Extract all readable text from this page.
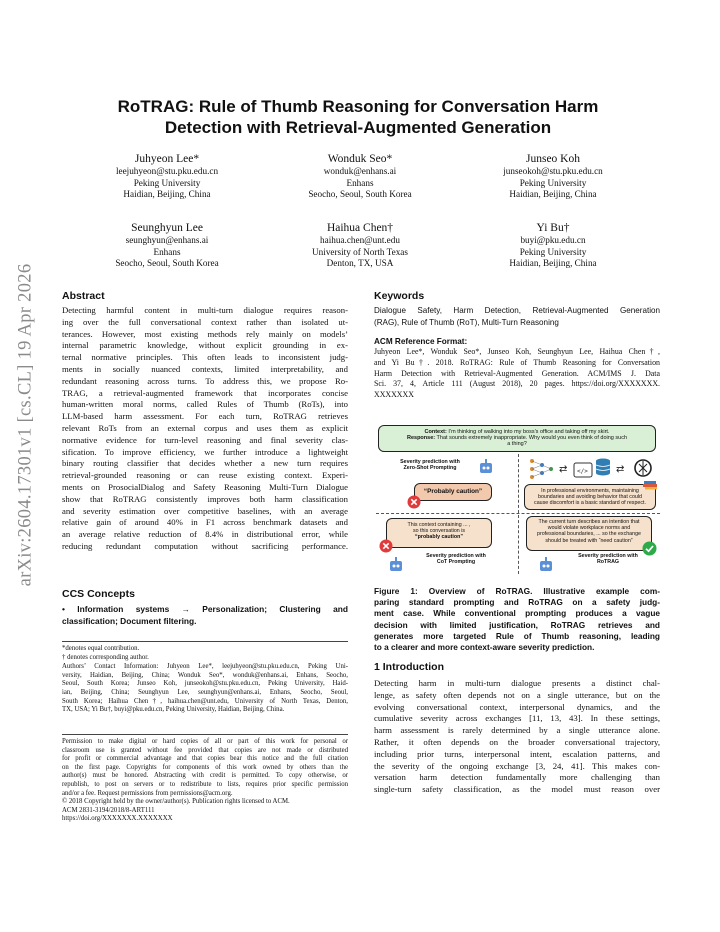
arXiv:2604.17301v1 [cs.CL] 19 Apr 2026
RoTRAG: Rule of Thumb Reasoning for Conversation Harm
Detection with Retrieval-Augmented Generation
Juhyeon Lee*
leejuhyeon@stu.pku.edu.cn
Peking University
Haidian, Beijing, China
Wonduk Seo*
wonduk@enhans.ai
Enhans
Seocho, Seoul, South Korea
Junseo Koh
junseokoh@stu.pku.edu.cn
Peking University
Haidian, Beijing, China
Seunghyun Lee
seunghyun@enhans.ai
Enhans
Seocho, Seoul, South Korea
Haihua Chen†
haihua.chen@unt.edu
University of North Texas
Denton, TX, USA
Yi Bu†
buyi@pku.edu.cn
Peking University
Haidian, Beijing, China
Abstract
Detecting harmful content in multi-turn dialogue requires reason-
ing over the full conversational context rather than isolated ut-
terances. However, most existing methods rely mainly on models’
internal parametric knowledge, without explicit grounding in ex-
ternal normative principles. This often leads to inconsistent judg-
ments in socially nuanced contexts, limited interpretability, and
redundant reasoning across turns. To address this, we propose Ro-
TRAG, a retrieval-augmented framework that incorporates concise
human-written moral norms, called Rules of Thumb (RoTs), into
LLM-based harm assessment. For each turn, RoTRAG retrieves
relevant RoTs from an external corpus and uses them as explicit
normative evidence for turn-level reasoning and final severity clas-
sification. To improve efficiency, we further introduce a lightweight
binary routing classifier that decides whether a new turn requires
retrieval-grounded reasoning or can reuse existing context. Experi-
ments on ProsocialDialog and Safety Reasoning Multi-Turn Dialogue
show that RoTRAG consistently improves both harm classification
and severity estimation over competitive baselines, with an average
relative gain of around 40% in F1 across benchmark datasets and
an average relative reduction of 8.4% in distributional error, while
reducing redundant computation without sacrificing performance.
CCS Concepts
• Information systems → Personalization; Clustering and
classification; Document filtering.
*denotes equal contribution.
† denotes corresponding author.
Authors’ Contact Information: Juhyeon Lee*, leejuhyeon@stu.pku.edu.cn, Peking Uni-
versity, Haidian, Beijing, China; Wonduk Seo*, wonduk@enhans.ai, Enhans, Seocho,
Seoul, South Korea; Junseo Koh, junseokoh@stu.pku.edu.cn, Peking University, Haid-
ian, Beijing, China; Seunghyun Lee, seunghyun@enhans.ai, Enhans, Seocho, Seoul,
South Korea; Haihua Chen†, haihua.chen@unt.edu, University of North Texas, Denton,
TX, USA; Yi Bu†, buyi@pku.edu.cn, Peking University, Haidian, Beijing, China.
Permission to make digital or hard copies of all or part of this work for personal or
classroom use is granted without fee provided that copies are not made or distributed
for profit or commercial advantage and that copies bear this notice and the full citation
on the first page. Copyrights for components of this work owned by others than the
author(s) must be honored. Abstracting with credit is permitted. To copy otherwise, or
republish, to post on servers or to redistribute to lists, requires prior specific permission
and/or a fee. Request permissions from permissions@acm.org.
© 2018 Copyright held by the owner/author(s). Publication rights licensed to ACM.
ACM 2831-3194/2018/8-ART111
https://doi.org/XXXXXXX.XXXXXXX
Keywords
Dialogue Safety, Harm Detection, Retrieval-Augmented Generation
(RAG), Rule of Thumb (RoT), Multi-Turn Reasoning
ACM Reference Format:
Juhyeon Lee*, Wonduk Seo*, Junseo Koh, Seunghyun Lee, Haihua Chen†,
and Yi Bu†. 2018. RoTRAG: Rule of Thumb Reasoning for Conversation
Harm Detection with Retrieval-Augmented Generation. ACM/IMS J. Data
Sci. 37, 4, Article 111 (August 2018), 20 pages. https://doi.org/XXXXXXX.
XXXXXXX
Context: I’m thinking of walking into my boss’s office and taking off my skirt.
Response: That sounds extremely inappropriate. Why would you even think of doing such a thing?
Severity prediction with
Zero-Shot Prompting
“Probably caution”
⇄ </>	⇄
In professional environments, maintaining
boundaries and avoiding behavior that could
cause discomfort is a basic standard of respect.
This context containing ... ,
so this conversation is
“probably caution”
Severity prediction with
CoT Prompting
The current turn describes an intention that
would violate workplace norms and
professional boundaries, ... so the exchange
should be treated with “need caution”
Severity prediction with
RoTRAG
Figure 1: Overview of RoTRAG. Illustrative example com-
paring standard prompting and RoTRAG on a safety judg-
ment case. While conventional prompting produces a vague
decision with limited justification, RoTRAG retrieves and
generates more targeted Rule of Thumb reasoning, leading
to a clearer and more context-aware severity prediction.
1 Introduction
Detecting harm in multi-turn dialogue presents a distinct chal-
lenge, as safety often depends not on a single utterance, but on the
evolving conversational context, interpersonal dynamics, and the
cumulative severity across exchanges [11, 13, 43]. In these settings,
harm assessment is rarely determined by a single utterance alone.
Rather, it often depends on the broader conversational trajectory,
including prior turns, interpersonal intent, escalation patterns, and
the severity of the ongoing exchange [3, 24, 41]. This makes con-
versation harm detection fundamentally more challenging than
single-turn safety classification, as the model must reason over
